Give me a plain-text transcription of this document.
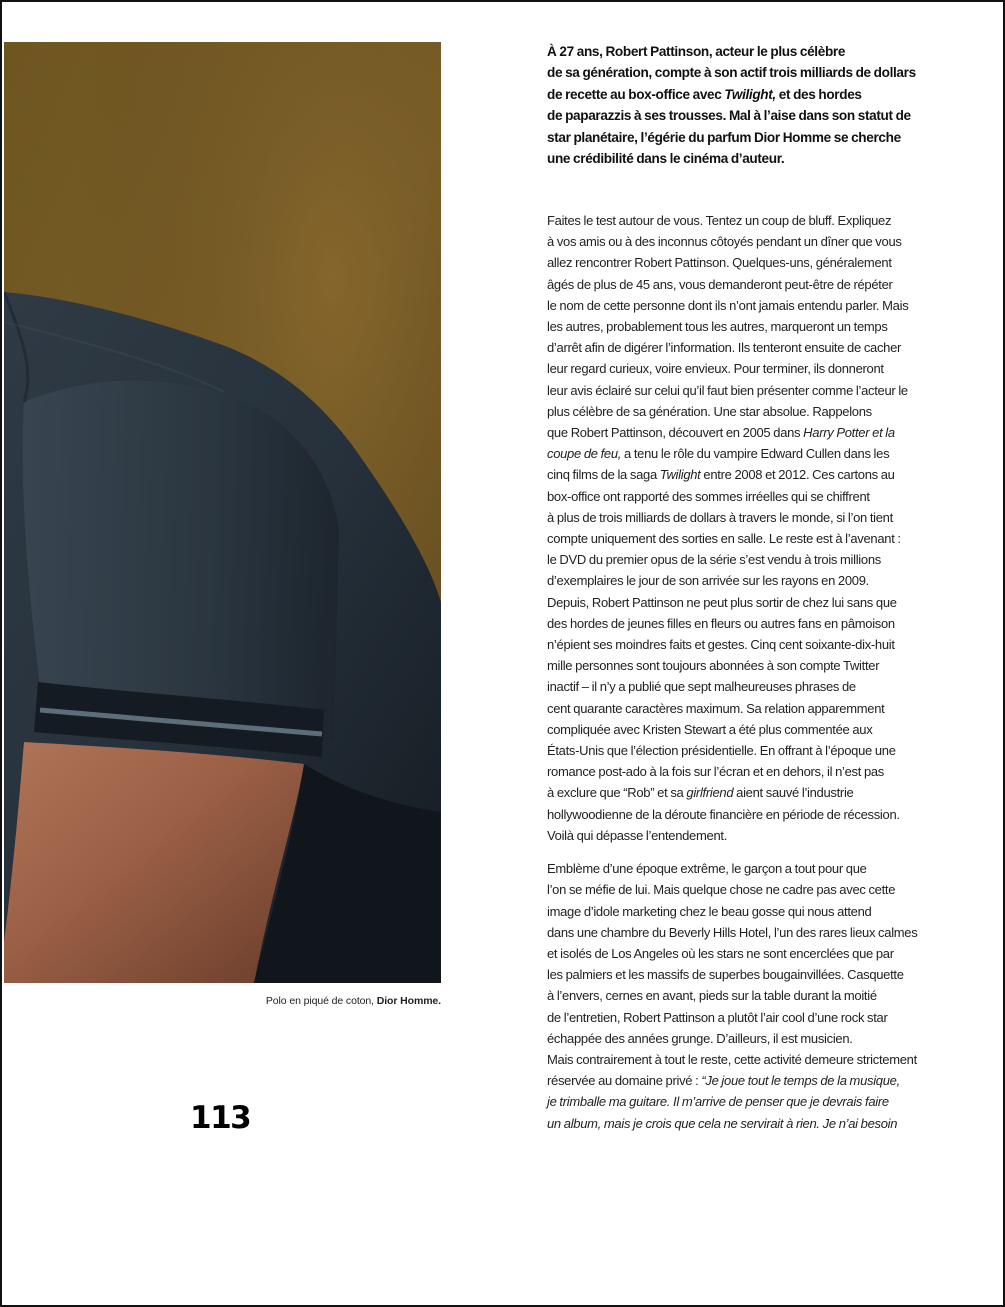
Polo en piqué de coton, Dior Homme.
113
À 27 ans, Robert Pattinson, acteur le plus célèbre
de sa génération, compte à son actif trois milliards de dollars
de recette au box-office avec Twilight, et des hordes
de paparazzis à ses trousses. Mal à l’aise dans son statut de
star planétaire, l’égérie du parfum Dior Homme se cherche
une crédibilité dans le cinéma d’auteur.
Faites le test autour de vous. Tentez un coup de bluff. Expliquez
à vos amis ou à des inconnus côtoyés pendant un dîner que vous
allez rencontrer Robert Pattinson. Quelques-uns, généralement
âgés de plus de 45 ans, vous demanderont peut-être de répéter
le nom de cette personne dont ils n’ont jamais entendu parler. Mais
les autres, probablement tous les autres, marqueront un temps
d’arrêt afin de digérer l’information. Ils tenteront ensuite de cacher
leur regard curieux, voire envieux. Pour terminer, ils donneront
leur avis éclairé sur celui qu’il faut bien présenter comme l’acteur le
plus célèbre de sa génération. Une star absolue. Rappelons
que Robert Pattinson, découvert en 2005 dans Harry Potter et la
coupe de feu, a tenu le rôle du vampire Edward Cullen dans les
cinq films de la saga Twilight entre 2008 et 2012. Ces cartons au
box-office ont rapporté des sommes irréelles qui se chiffrent
à plus de trois milliards de dollars à travers le monde, si l’on tient
compte uniquement des sorties en salle. Le reste est à l’avenant :
le DVD du premier opus de la série s’est vendu à trois millions
d’exemplaires le jour de son arrivée sur les rayons en 2009.
Depuis, Robert Pattinson ne peut plus sortir de chez lui sans que
des hordes de jeunes filles en fleurs ou autres fans en pâmoison
n’épient ses moindres faits et gestes. Cinq cent soixante-dix-huit
mille personnes sont toujours abonnées à son compte Twitter
inactif – il n’y a publié que sept malheureuses phrases de
cent quarante caractères maximum. Sa relation apparemment
compliquée avec Kristen Stewart a été plus commentée aux
États-Unis que l’élection présidentielle. En offrant à l’époque une
romance post-ado à la fois sur l’écran et en dehors, il n’est pas
à exclure que “Rob” et sa girlfriend aient sauvé l’industrie
hollywoodienne de la déroute financière en période de récession.
Voilà qui dépasse l’entendement.
Emblème d’une époque extrême, le garçon a tout pour que
l’on se méfie de lui. Mais quelque chose ne cadre pas avec cette
image d’idole marketing chez le beau gosse qui nous attend
dans une chambre du Beverly Hills Hotel, l’un des rares lieux calmes
et isolés de Los Angeles où les stars ne sont encerclées que par
les palmiers et les massifs de superbes bougainvillées. Casquette
à l’envers, cernes en avant, pieds sur la table durant la moitié
de l’entretien, Robert Pattinson a plutôt l’air cool d’une rock star
échappée des années grunge. D’ailleurs, il est musicien.
Mais contrairement à tout le reste, cette activité demeure strictement
réservée au domaine privé : “Je joue tout le temps de la musique,
je trimballe ma guitare. Il m’arrive de penser que je devrais faire
un album, mais je crois que cela ne servirait à rien. Je n’ai besoin
